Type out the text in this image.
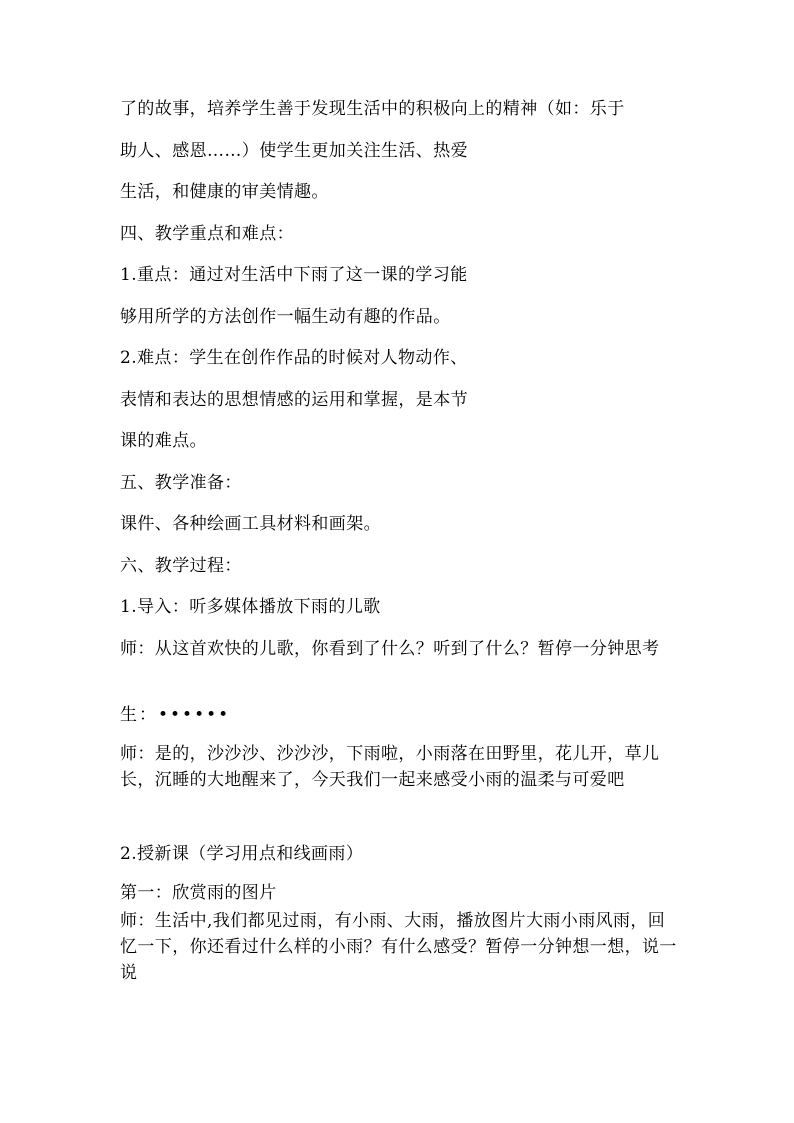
了的故事，培养学生善于发现生活中的积极向上的精神（如：乐于
助人、感恩……）使学生更加关注生活、热爱
生活，和健康的审美情趣。
四、教学重点和难点：
1.重点：通过对生活中下雨了这一课的学习能
够用所学的方法创作一幅生动有趣的作品。
2.难点：学生在创作作品的时候对人物动作、
表情和表达的思想情感的运用和掌握，是本节
课的难点。
五、教学准备：
课件、各种绘画工具材料和画架。
六、教学过程：
1.导入：听多媒体播放下雨的儿歌
师：从这首欢快的儿歌，你看到了什么？听到了什么？暂停一分钟思考
生：••••••
师：是的，沙沙沙、沙沙沙，下雨啦，小雨落在田野里，花儿开，草儿长，沉睡的大地醒来了，今天我们一起来感受小雨的温柔与可爱吧
2.授新课（学习用点和线画雨）
第一：欣赏雨的图片
师：生活中,我们都见过雨，有小雨、大雨，播放图片大雨小雨风雨，回忆一下，你还看过什么样的小雨？有什么感受？暂停一分钟想一想，说一说
